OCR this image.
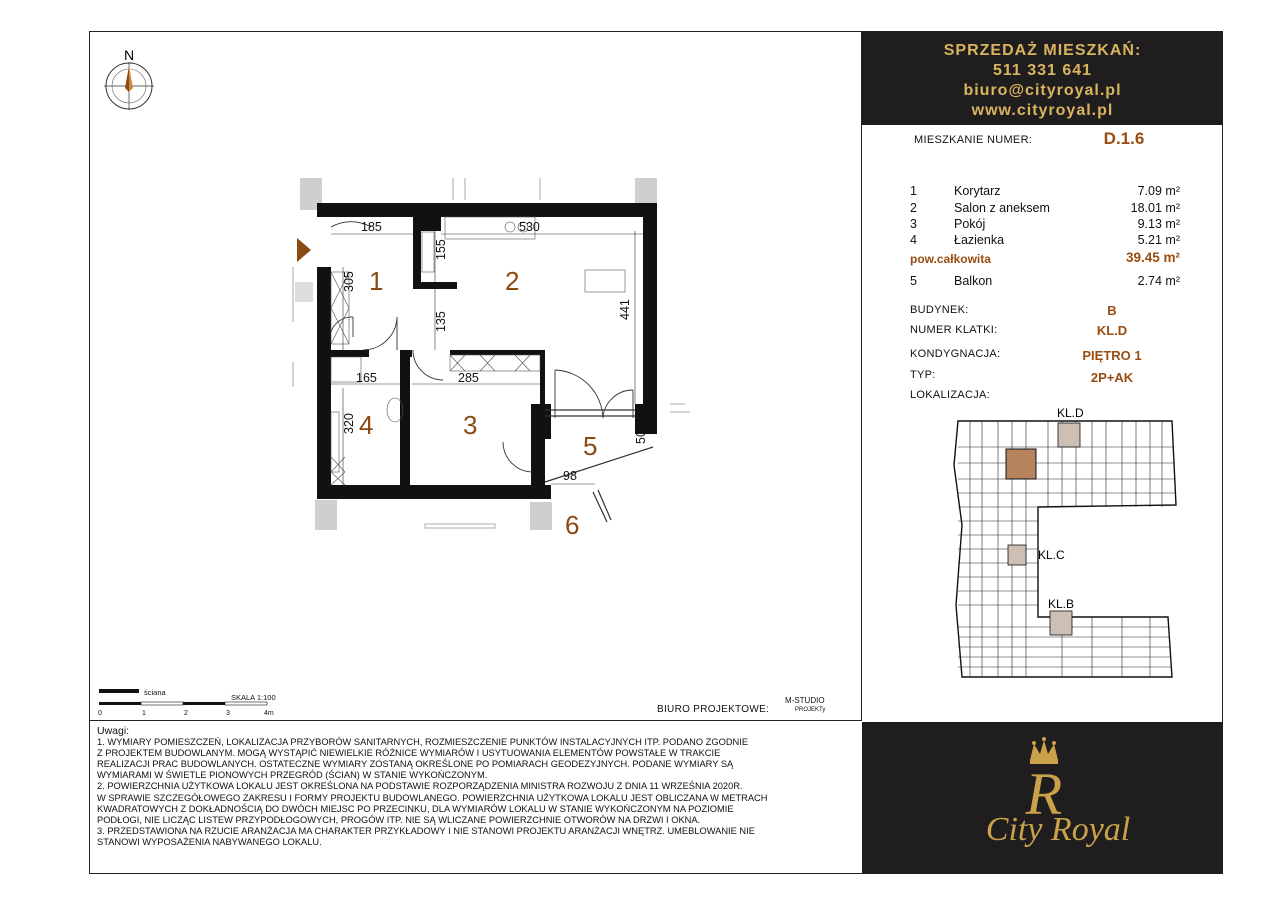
N
185	530
155
305
135
441
165	285
320
50
98
1	2
3
4
5
6
ściana
SKALA 1:100
0	1	2	3	4m	BIURO PROJEKTOWE:
M-STUDIO
PROJEKTy
Uwagi:
1. WYMIARY POMIESZCZEŃ, LOKALIZACJA PRZYBORÓW SANITARNYCH, ROZMIESZCZENIE PUNKTÓW INSTALACYJNYCH ITP. PODANO ZGODNIE
Z PROJEKTEM BUDOWLANYM. MOGĄ WYSTĄPIĆ NIEWIELKIE RÓŻNICE WYMIARÓW I USYTUOWANIA ELEMENTÓW POWSTAŁE W TRAKCIE
REALIZACJI PRAC BUDOWLANYCH. OSTATECZNE WYMIARY ZOSTANĄ OKREŚLONE PO POMIARACH GEODEZYJNYCH. PODANE WYMIARY SĄ
WYMIARAMI W ŚWIETLE PIONOWYCH PRZEGRÓD (ŚCIAN) W STANIE WYKOŃCZONYM.
2. POWIERZCHNIA UŻYTKOWA LOKALU JEST OKREŚLONA NA PODSTAWIE ROZPORZĄDZENIA MINISTRA ROZWOJU Z DNIA 11 WRZEŚNIA 2020R.
W SPRAWIE SZCZEGÓŁOWEGO ZAKRESU I FORMY PROJEKTU BUDOWLANEGO. POWIERZCHNIA UŻYTKOWA LOKALU JEST OBLICZANA W METRACH
KWADRATOWYCH Z DOKŁADNOŚCIĄ DO DWÓCH MIEJSC PO PRZECINKU, DLA WYMIARÓW LOKALU W STANIE WYKOŃCZONYM NA POZIOMIE
PODŁOGI, NIE LICZĄC LISTEW PRZYPODŁOGOWYCH, PROGÓW ITP. NIE SĄ WLICZANE POWIERZCHNIE OTWORÓW NA DRZWI I OKNA.
3. PRZEDSTAWIONA NA RZUCIE ARANŻACJA MA CHARAKTER PRZYKŁADOWY I NIE STANOWI PROJEKTU ARANŻACJI WNĘTRZ. UMEBLOWANIE NIE
STANOWI WYPOSAŻENIA NABYWANEGO LOKALU.
SPRZEDAŻ MIESZKAŃ:
511 331 641
biuro@cityroyal.pl
www.cityroyal.pl
MIESZKANIE NUMER:	D.1.6
1	Korytarz	7.09 m²
2	Salon z aneksem	18.01 m²
3	Pokój	9.13 m²
4	Łazienka	5.21 m²
pow.całkowita	39.45 m²
5	Balkon	2.74 m²
BUDYNEK:	B
NUMER KLATKI:	KL.D
KONDYGNACJA:	PIĘTRO 1
TYP:	2P+AK
LOKALIZACJA:
KL.D
KL.C
KL.B
R
City Royal
